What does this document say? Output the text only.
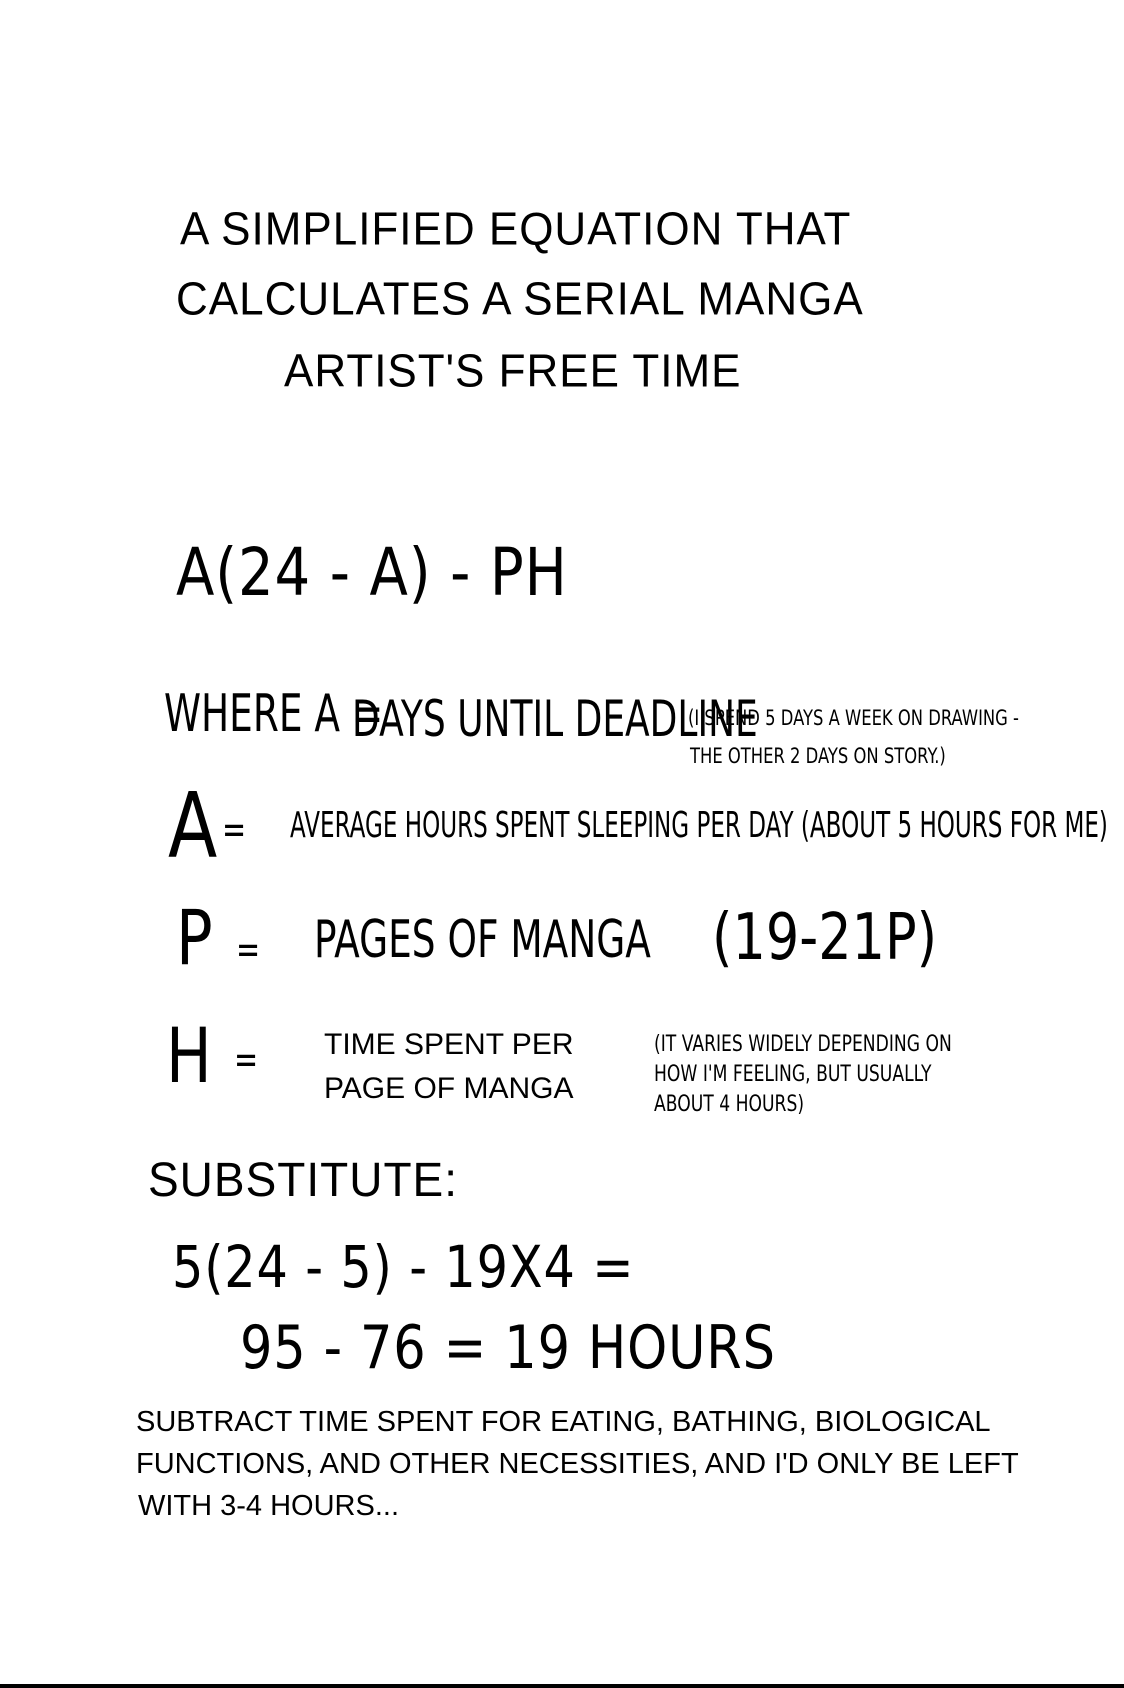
A SIMPLIFIED EQUATION THAT
CALCULATES A SERIAL MANGA
ARTIST'S FREE TIME
A(24 - A) - PH
WHERE A =
DAYS UNTIL DEADLINE
(I SPEND 5 DAYS A WEEK ON DRAWING -
THE OTHER 2 DAYS ON STORY.)
A = AVERAGE HOURS SPENT SLEEPING PER DAY (ABOUT 5 HOURS FOR ME)
P = PAGES OF MANGA (19-21P)
H = TIME SPENT PER
PAGE OF MANGA
(IT VARIES WIDELY DEPENDING ON
HOW I'M FEELING, BUT USUALLY
ABOUT 4 HOURS)
SUBSTITUTE:
5(24 - 5) - 19X4 =
95 - 76 = 19 HOURS
SUBTRACT TIME SPENT FOR EATING, BATHING, BIOLOGICAL
FUNCTIONS, AND OTHER NECESSITIES, AND I'D ONLY BE LEFT
WITH 3-4 HOURS...
